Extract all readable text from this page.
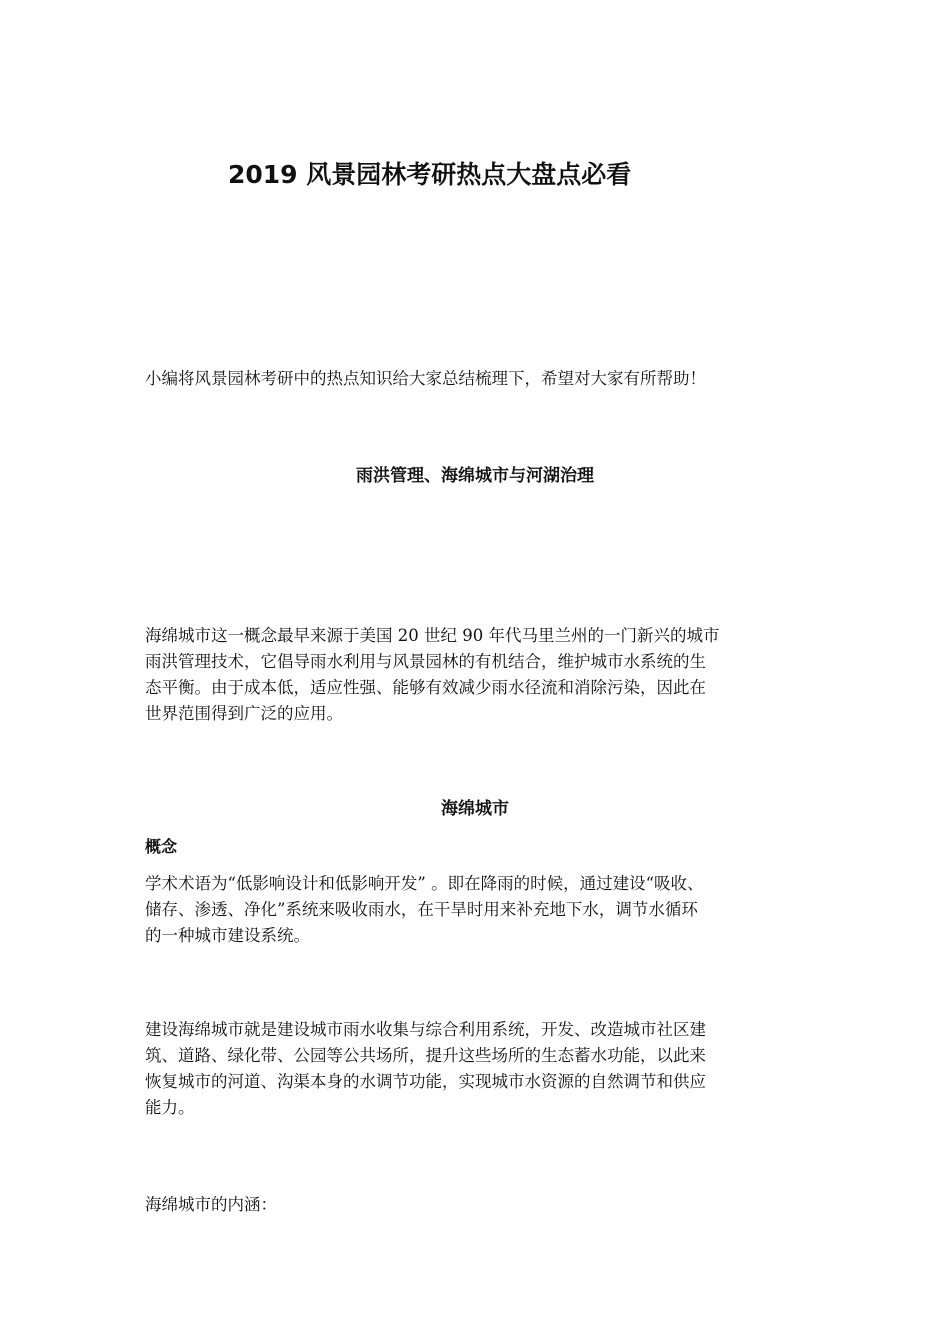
2019 风景园林考研热点大盘点必看

小编将风景园林考研中的热点知识给大家总结梳理下，希望对大家有所帮助！

雨洪管理、海绵城市与河湖治理
海绵城市这一概念最早来源于美国 20 世纪 90 年代马里兰州的一门新兴的城市
雨洪管理技术，它倡导雨水利用与风景园林的有机结合，维护城市水系统的生
态平衡。由于成本低，适应性强、能够有效减少雨水径流和消除污染，因此在
世界范围得到广泛的应用。
海绵城市
概念
学术术语为“低影响设计和低影响开发” 。即在降雨的时候，通过建设“吸收、
储存、渗透、净化”系统来吸收雨水，在干旱时用来补充地下水，调节水循环
的一种城市建设系统。
建设海绵城市就是建设城市雨水收集与综合利用系统，开发、改造城市社区建
筑、道路、绿化带、公园等公共场所，提升这些场所的生态蓄水功能，以此来
恢复城市的河道、沟渠本身的水调节功能，实现城市水资源的自然调节和供应
能力。

海绵城市的内涵：
